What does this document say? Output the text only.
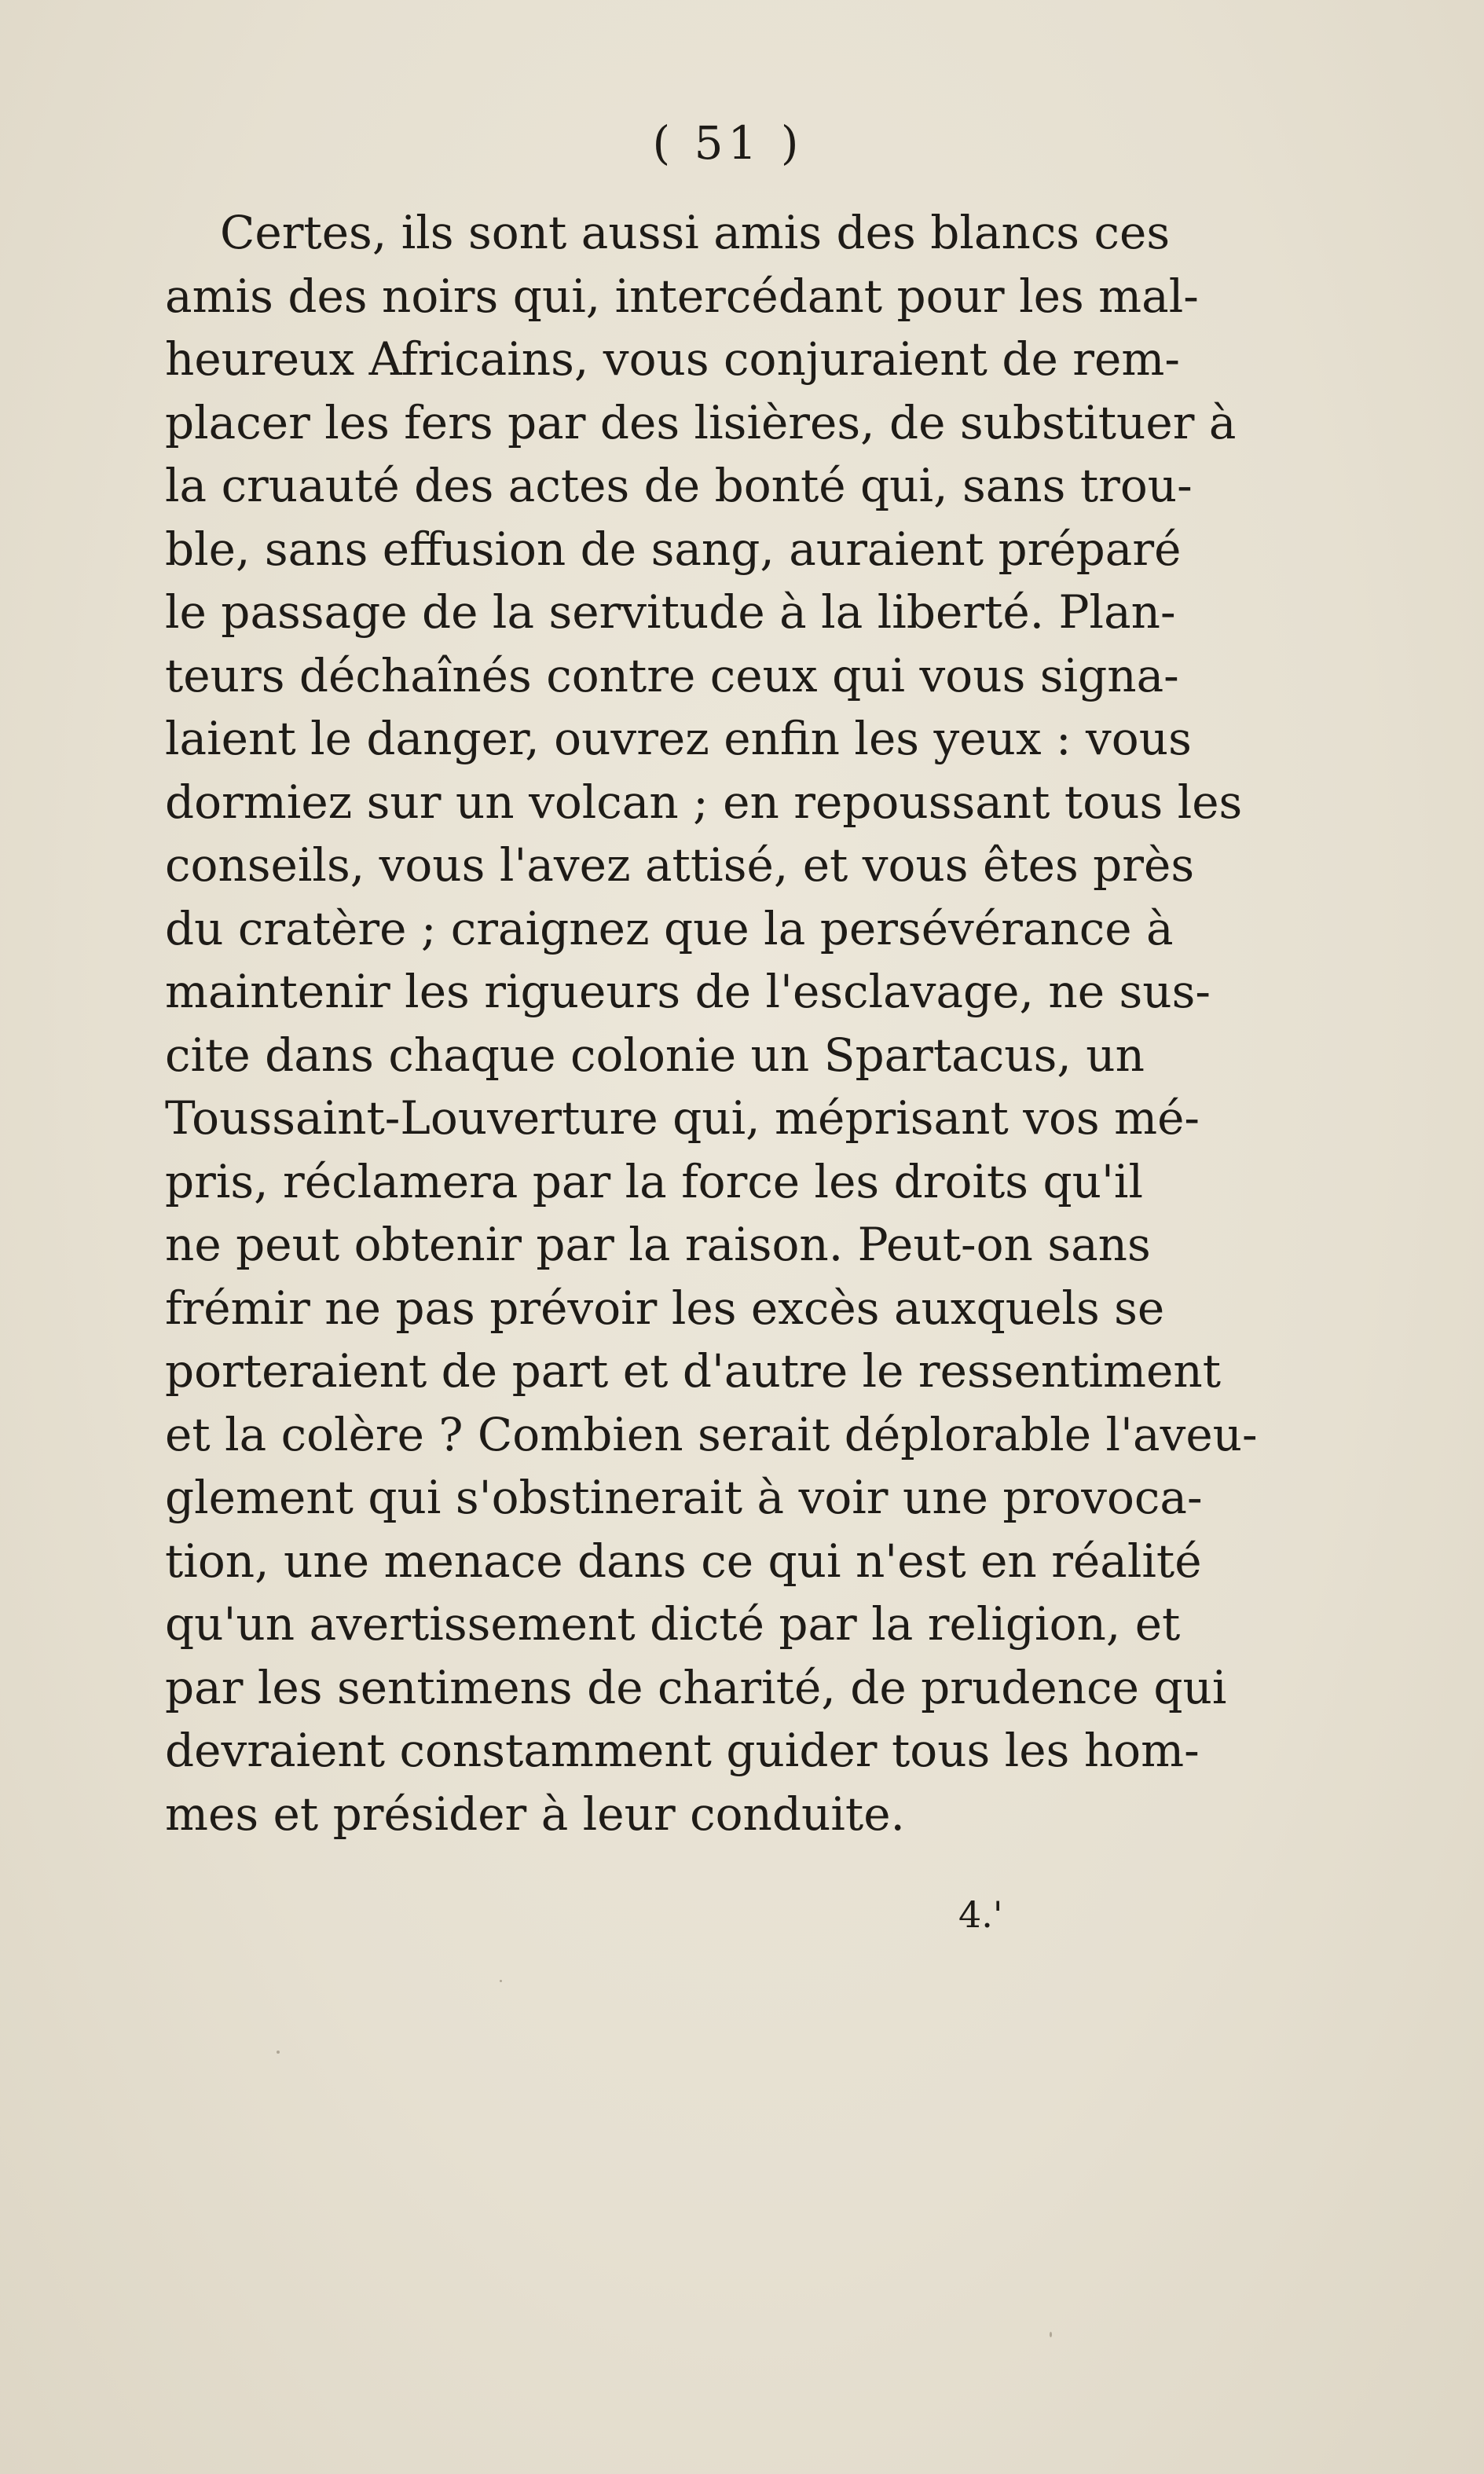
( 51 )
Certes, ils sont aussi amis des blancs ces
amis des noirs qui, intercédant pour les mal-
heureux Africains, vous conjuraient de rem-
placer les fers par des lisières, de substituer à
la cruauté des actes de bonté qui, sans trou-
ble, sans effusion de sang, auraient préparé
le passage de la servitude à la liberté. Plan-
teurs déchaînés contre ceux qui vous signa-
laient le danger, ouvrez enfin les yeux : vous
dormiez sur un volcan ; en repoussant tous les
conseils, vous l'avez attisé, et vous êtes près
du cratère ; craignez que la persévérance à
maintenir les rigueurs de l'esclavage, ne sus-
cite dans chaque colonie un Spartacus, un
Toussaint-Louverture qui, méprisant vos mé-
pris, réclamera par la force les droits qu'il
ne peut obtenir par la raison. Peut-on sans
frémir ne pas prévoir les excès auxquels se
porteraient de part et d'autre le ressentiment
et la colère ? Combien serait déplorable l'aveu-
glement qui s'obstinerait à voir une provoca-
tion, une menace dans ce qui n'est en réalité
qu'un avertissement dicté par la religion, et
par les sentimens de charité, de prudence qui
devraient constamment guider tous les hom-
mes et présider à leur conduite.
4.'
